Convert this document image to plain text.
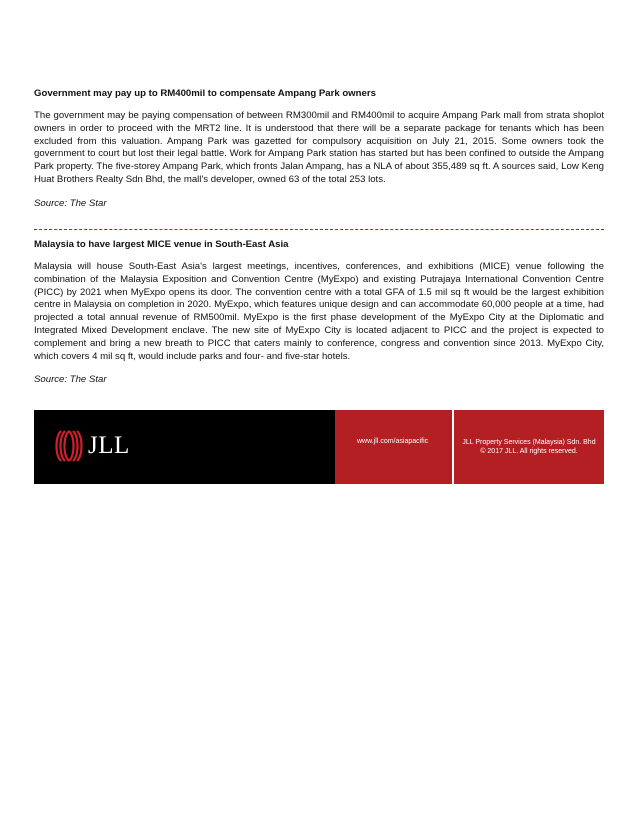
Government may pay up to RM400mil to compensate Ampang Park owners

The government may be paying compensation of between RM300mil and RM400mil to acquire Ampang Park mall from strata shoplot owners in order to proceed with the MRT2 line. It is understood that there will be a separate package for tenants which has been excluded from this valuation. Ampang Park was gazetted for compulsory acquisition on July 21, 2015. Some owners took the government to court but lost their legal battle. Work for Ampang Park station has started but has been confined to outside the Ampang Park property. The five-storey Ampang Park, which fronts Jalan Ampang, has a NLA of about 355,489 sq ft. A sources said, Low Keng Huat Brothers Realty Sdn Bhd, the mall's developer, owned 63 of the total 253 lots.

Source: The Star

Malaysia to have largest MICE venue in South-East Asia

Malaysia will house South-East Asia's largest meetings, incentives, conferences, and exhibitions (MICE) venue following the combination of the Malaysia Exposition and Convention Centre (MyExpo) and existing Putrajaya International Convention Centre (PICC) by 2021 when MyExpo opens its door. The convention centre with a total GFA of 1.5 mil sq ft would be the largest exhibition centre in Malaysia on completion in 2020. MyExpo, which features unique design and can accommodate 60,000 people at a time, had projected a total annual revenue of RM500mil. MyExpo is the first phase development of the MyExpo City at the Diplomatic and Integrated Mixed Development enclave. The new site of MyExpo City is located adjacent to PICC and the project is expected to complement and bring a new breath to PICC that caters mainly to conference, congress and convention since 2013. MyExpo City, which covers 4 mil sq ft, would include parks and four- and five-star hotels.

Source: The Star

JLL	www.jll.com/asiapacific	JLL Property Services (Malaysia) Sdn. Bhd
© 2017 JLL. All rights reserved.
